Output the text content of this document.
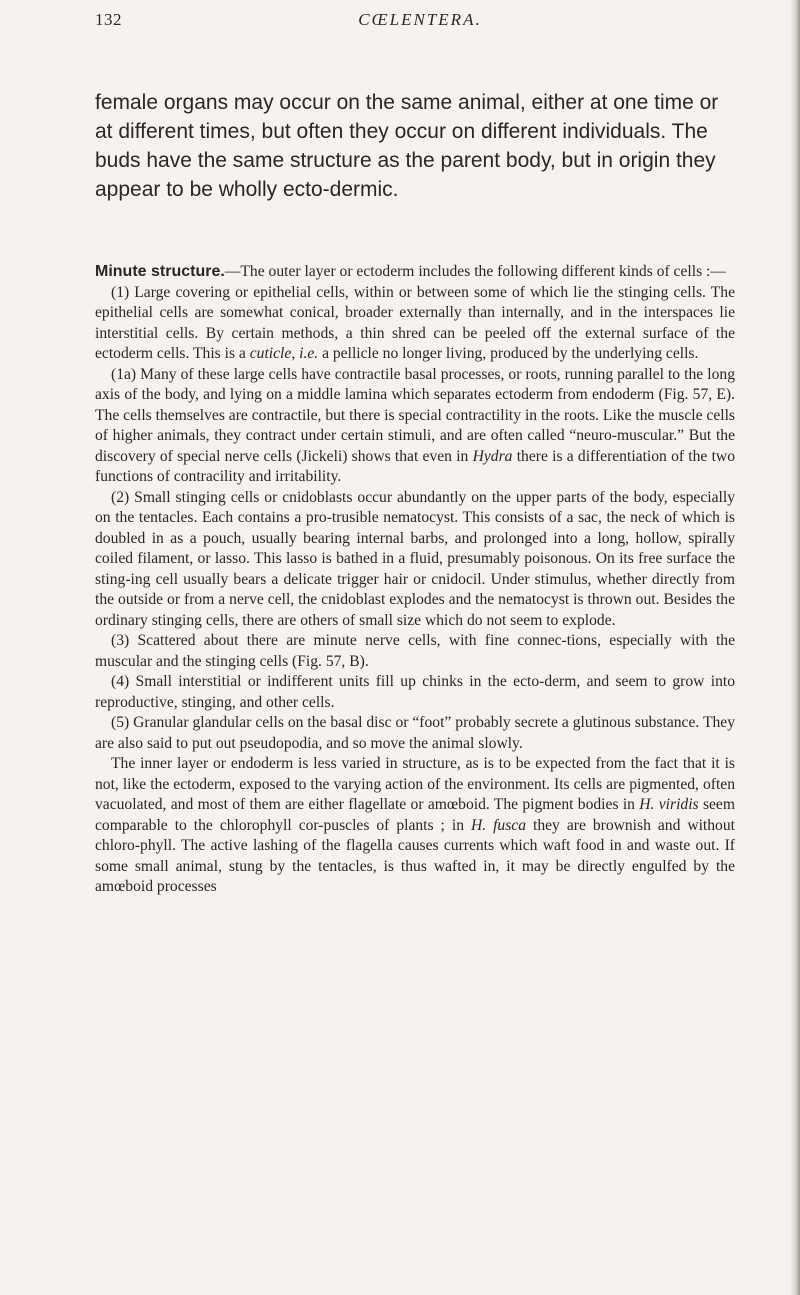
132	CŒLENTERA.

female organs may occur on the same animal, either at one time or at different times, but often they occur on different individuals. The buds have the same structure as the parent body, but in origin they appear to be wholly ecto-dermic.

Minute structure.—The outer layer or ectoderm includes the following different kinds of cells :—

(1) Large covering or epithelial cells, within or between some of which lie the stinging cells. The epithelial cells are somewhat conical, broader externally than internally, and in the interspaces lie interstitial cells. By certain methods, a thin shred can be peeled off the external surface of the ectoderm cells. This is a cuticle, i.e. a pellicle no longer living, produced by the underlying cells.

(1a) Many of these large cells have contractile basal processes, or roots, running parallel to the long axis of the body, and lying on a middle lamina which separates ectoderm from endoderm (Fig. 57, E). The cells themselves are contractile, but there is special contractility in the roots. Like the muscle cells of higher animals, they contract under certain stimuli, and are often called “neuro-muscular.” But the discovery of special nerve cells (Jickeli) shows that even in Hydra there is a differentiation of the two functions of contracility and irritability.

(2) Small stinging cells or cnidoblasts occur abundantly on the upper parts of the body, especially on the tentacles. Each contains a pro-trusible nematocyst. This consists of a sac, the neck of which is doubled in as a pouch, usually bearing internal barbs, and prolonged into a long, hollow, spirally coiled filament, or lasso. This lasso is bathed in a fluid, presumably poisonous. On its free surface the sting-ing cell usually bears a delicate trigger hair or cnidocil. Under stimulus, whether directly from the outside or from a nerve cell, the cnidoblast explodes and the nematocyst is thrown out. Besides the ordinary stinging cells, there are others of small size which do not seem to explode.

(3) Scattered about there are minute nerve cells, with fine connec-tions, especially with the muscular and the stinging cells (Fig. 57, B).

(4) Small interstitial or indifferent units fill up chinks in the ecto-derm, and seem to grow into reproductive, stinging, and other cells.

(5) Granular glandular cells on the basal disc or “foot” probably secrete a glutinous substance. They are also said to put out pseudopodia, and so move the animal slowly.

The inner layer or endoderm is less varied in structure, as is to be expected from the fact that it is not, like the ectoderm, exposed to the varying action of the environment. Its cells are pigmented, often vacuolated, and most of them are either flagellate or amœboid. The pigment bodies in H. viridis seem comparable to the chlorophyll cor-puscles of plants ; in H. fusca they are brownish and without chloro-phyll. The active lashing of the flagella causes currents which waft food in and waste out. If some small animal, stung by the tentacles, is thus wafted in, it may be directly engulfed by the amœboid processes
